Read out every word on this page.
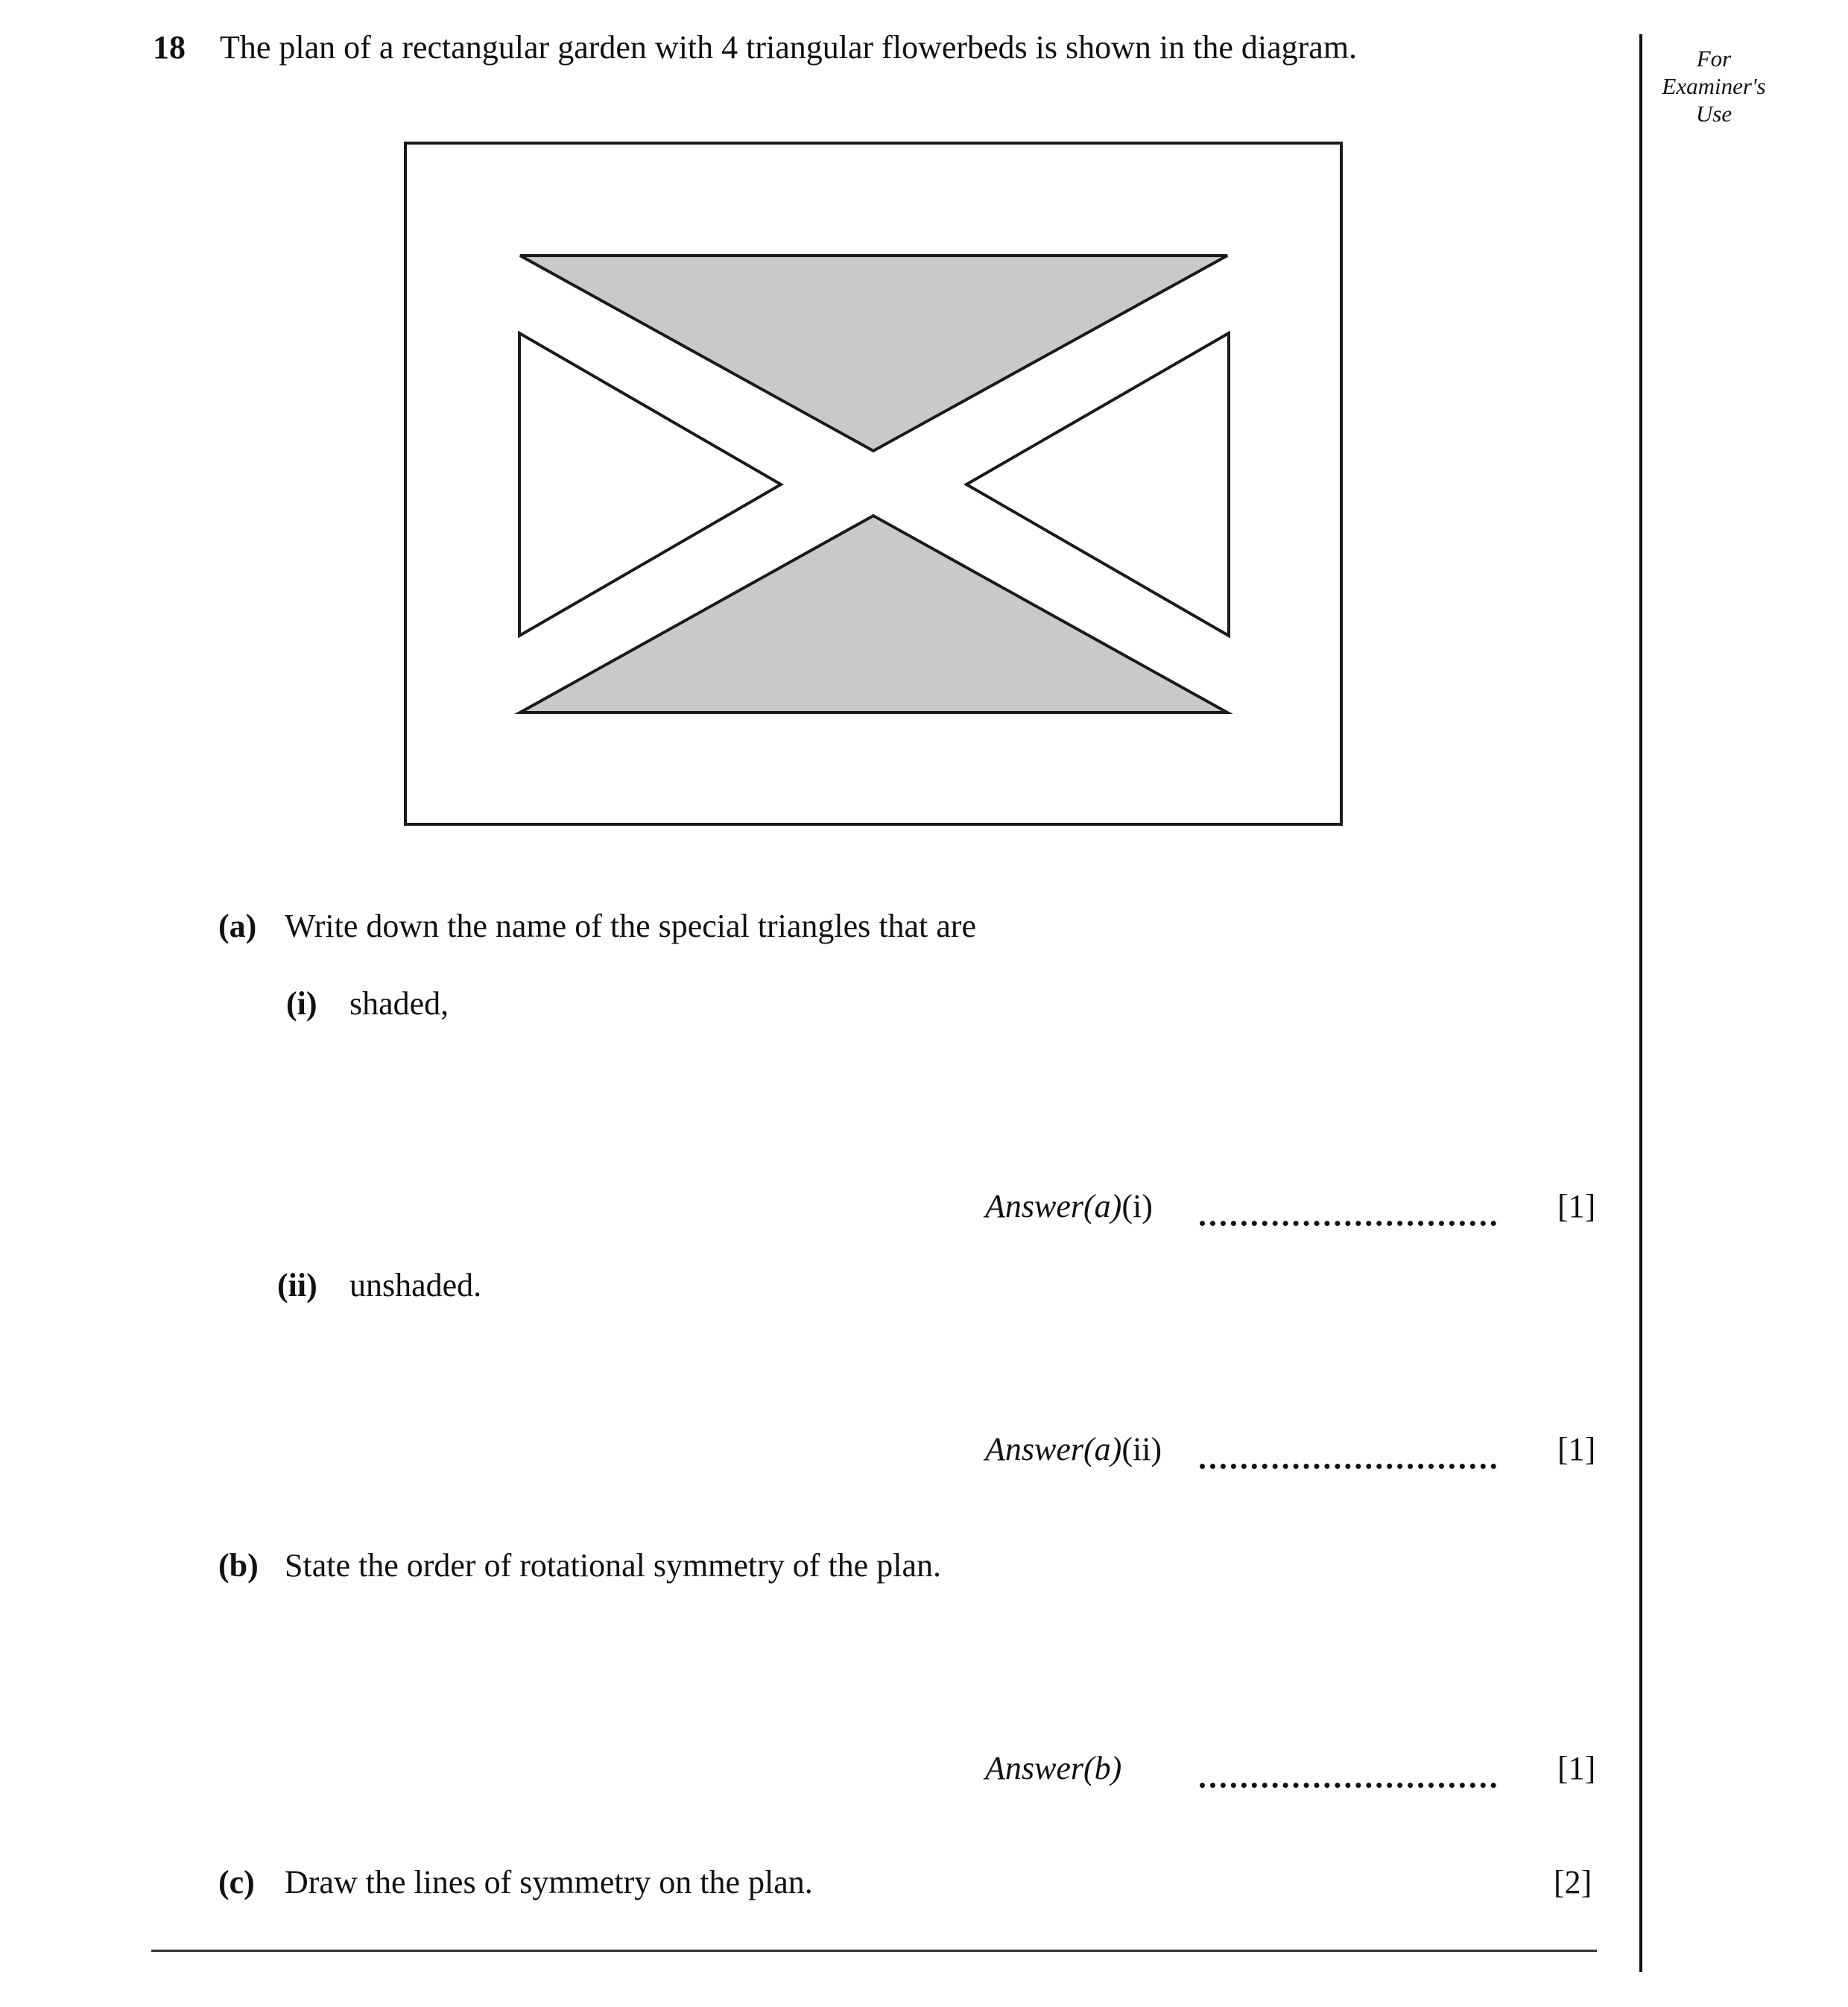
18 The plan of a rectangular garden with 4 triangular flowerbeds is shown in the diagram.	For
Examiner's
Use
(a) Write down the name of the special triangles that are
(i) shaded,
Answer(a)(i)	[1]
(ii) unshaded.
Answer(a)(ii)	[1]
(b) State the order of rotational symmetry of the plan.
Answer(b)	[1]
(c) Draw the lines of symmetry on the plan.	[2]
